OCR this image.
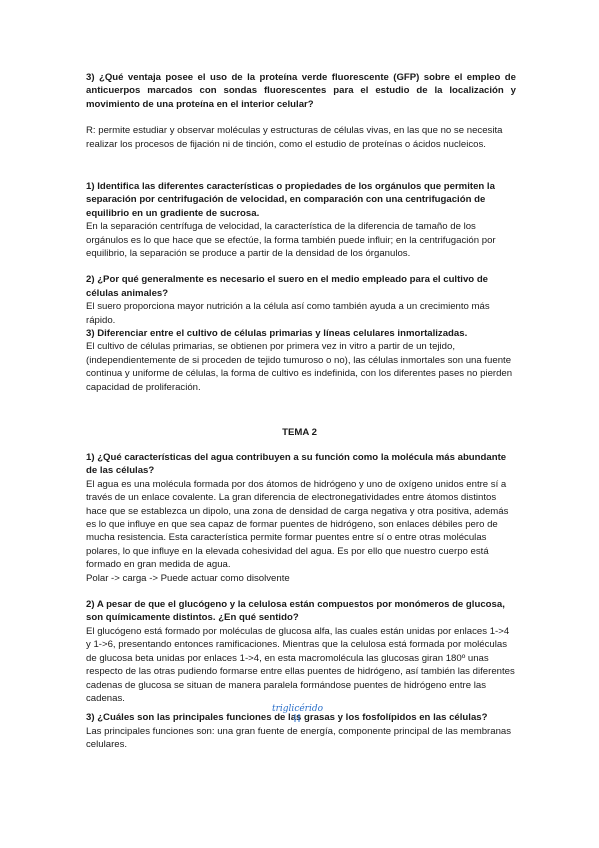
3) ¿Qué ventaja posee el uso de la proteína verde fluorescente (GFP) sobre el empleo de anticuerpos marcados con sondas fluorescentes para el estudio de la localización y movimiento de una proteína en el interior celular?
R: permite estudiar y observar moléculas y estructuras de células vivas, en las que no se necesita realizar los procesos de fijación ni de tinción, como el estudio de proteínas o ácidos nucleicos.
1) Identifica las diferentes características o propiedades de los orgánulos que permiten la separación por centrifugación de velocidad, en comparación con una centrifugación de equilibrio en un gradiente de sucrosa.
En la separación centrífuga de velocidad, la característica de la diferencia de tamaño de los orgánulos es lo que hace que se efectúe, la forma también puede influir; en la centrifugación por equilibrio, la separación se produce a partir de la densidad de los órganulos.
2) ¿Por qué generalmente es necesario el suero en el medio empleado para el cultivo de células animales?
El suero proporciona mayor nutrición a la célula así como también ayuda a un crecimiento más rápido.
3) Diferenciar entre el cultivo de células primarias y líneas celulares inmortalizadas.
El cultivo de células primarias, se obtienen por primera vez in vitro a partir de un tejido,(independientemente de si proceden de tejido tumuroso o no), las células inmortales son una fuente continua y uniforme de células, la forma de cultivo es indefinida, con los diferentes pases no pierden capacidad de proliferación.
TEMA 2
1) ¿Qué características del agua contribuyen a su función como la molécula más abundante de las células?
El agua es una molécula formada por dos átomos de hidrógeno y uno de oxígeno unidos entre sí a través de un enlace covalente. La gran diferencia de electronegatividades entre átomos distintos hace que se establezca un dipolo, una zona de densidad de carga negativa y otra positiva, además es lo que influye en que sea capaz de formar puentes de hidrógeno, son enlaces débiles pero de mucha resistencia. Esta característica permite formar puentes entre sí o entre otras moléculas polares, lo que influye en la elevada cohesividad del agua. Es por ello que nuestro cuerpo está formado en gran medida de agua.
Polar -> carga -> Puede actuar como disolvente
2) A pesar de que el glucógeno y la celulosa están compuestos por monómeros de glucosa, son químicamente distintos. ¿En qué sentido?
El glucógeno está formado por moléculas de glucosa alfa, las cuales están unidas por enlaces 1->4 y 1->6, presentando entonces ramificaciones. Mientras que la celulosa está formada por moléculas de glucosa beta unidas por enlaces 1->4, en esta macromolécula las glucosas giran 180º unas respecto de las otras pudiendo formarse entre ellas puentes de hidrógeno, así también las diferentes cadenas de glucosa se situan de manera paralela formándose puentes de hidrógeno entre las cadenas.
3) ¿Cuáles son las principales funciones de las grasas y los fosfolípidos en las células?
Las principales funciones son: una gran fuente de energía, componente principal de las membranas celulares.
triglicérido
